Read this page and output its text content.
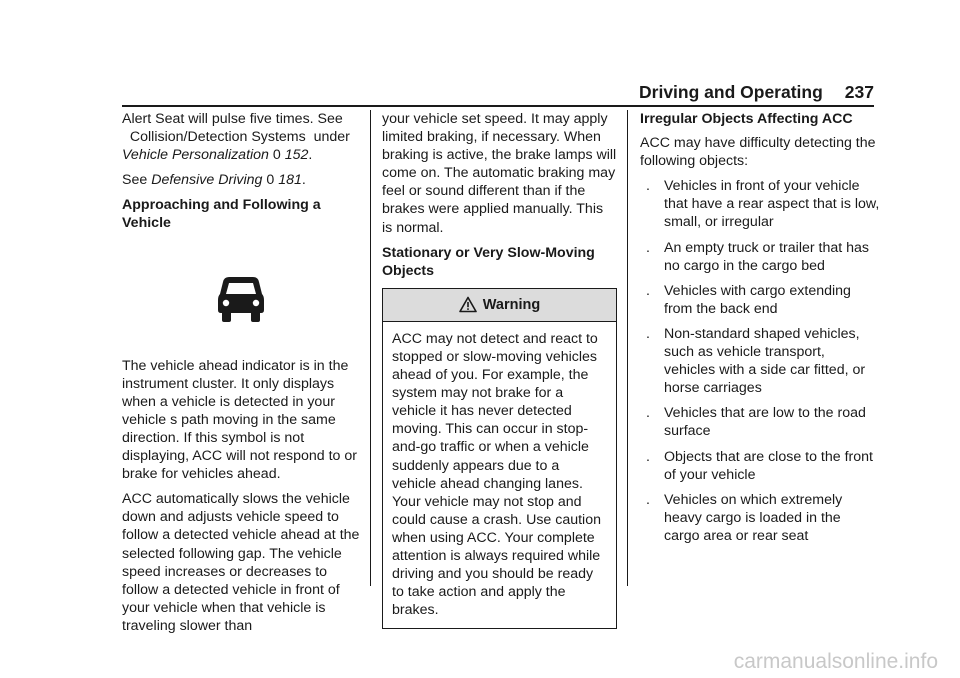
Driving and Operating 237

Alert Seat will pulse five times. See
Collision/Detection Systems under
Vehicle Personalization 0 152.

See Defensive Driving 0 181.

Approaching and Following a Vehicle

The vehicle ahead indicator is in the instrument cluster. It only displays when a vehicle is detected in your vehicle s path moving in the same direction. If this symbol is not displaying, ACC will not respond to or brake for vehicles ahead.

ACC automatically slows the vehicle down and adjusts vehicle speed to follow a detected vehicle ahead at the selected following gap. The vehicle speed increases or decreases to follow a detected vehicle in front of your vehicle when that vehicle is traveling slower than

your vehicle set speed. It may apply limited braking, if necessary. When braking is active, the brake lamps will come on. The automatic braking may feel or sound different than if the brakes were applied manually. This is normal.

Stationary or Very Slow-Moving Objects

Warning
ACC may not detect and react to stopped or slow-moving vehicles ahead of you. For example, the system may not brake for a vehicle it has never detected moving. This can occur in stop-and-go traffic or when a vehicle suddenly appears due to a vehicle ahead changing lanes. Your vehicle may not stop and could cause a crash. Use caution when using ACC. Your complete attention is always required while driving and you should be ready to take action and apply the brakes.

Irregular Objects Affecting ACC

ACC may have difficulty detecting the following objects:

. Vehicles in front of your vehicle that have a rear aspect that is low, small, or irregular
. An empty truck or trailer that has no cargo in the cargo bed
. Vehicles with cargo extending from the back end
. Non-standard shaped vehicles, such as vehicle transport, vehicles with a side car fitted, or horse carriages
. Vehicles that are low to the road surface
. Objects that are close to the front of your vehicle
. Vehicles on which extremely heavy cargo is loaded in the cargo area or rear seat
carmanualsonline.info
